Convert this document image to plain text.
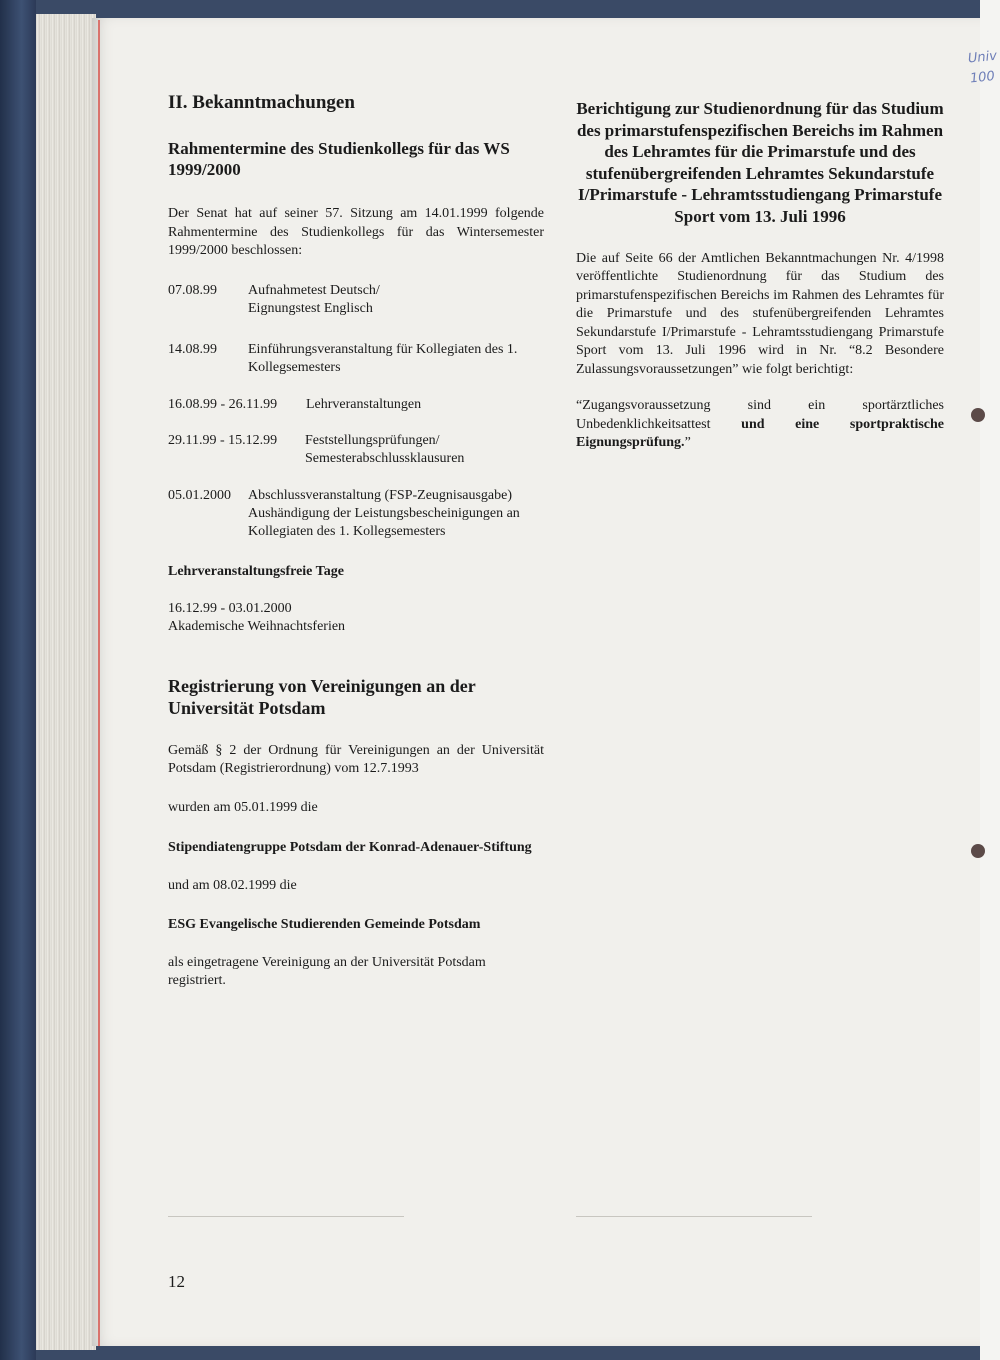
Univ
100
II. Bekanntmachungen
Rahmentermine des Studienkollegs für das WS 1999/2000

Der Senat hat auf seiner 57. Sitzung am 14.01.1999 folgende Rahmentermine des Studienkollegs für das Wintersemester 1999/2000 beschlossen:

07.08.99 Aufnahmetest Deutsch/ Eignungstest Englisch
14.08.99 Einführungsveranstaltung für Kollegiaten des 1. Kollegsemesters
16.08.99 - 26.11.99 Lehrveranstaltungen
29.11.99 - 15.12.99 Feststellungsprüfungen/ Semesterabschlussklausuren
05.01.2000 Abschlussveranstaltung (FSP-Zeugnisausgabe) Aushändigung der Leistungsbescheinigungen an Kollegiaten des 1. Kollegsemesters
Lehrveranstaltungsfreie Tage

16.12.99 - 03.01.2000

Akademische Weihnachtsferien

Registrierung von Vereinigungen an der Universität Potsdam

Gemäß § 2 der Ordnung für Vereinigungen an der Universität Potsdam (Registrierordnung) vom 12.7.1993

wurden am 05.01.1999 die

Stipendiatengruppe Potsdam der Konrad-Adenauer-Stiftung

und am 08.02.1999 die

ESG Evangelische Studierenden Gemeinde Potsdam

als eingetragene Vereinigung an der Universität Potsdam registriert.

Berichtigung zur Studienordnung für das Studium des primarstufenspezifischen Bereichs im Rahmen des Lehramtes für die Primarstufe und des stufenübergreifenden Lehramtes Sekundarstufe I/Primarstufe - Lehramtsstudiengang Primarstufe Sport vom 13. Juli 1996

Die auf Seite 66 der Amtlichen Bekanntmachungen Nr. 4/1998 veröffentlichte Studienordnung für das Studium des primarstufenspezifischen Bereichs im Rahmen des Lehramtes für die Primarstufe und des stufenübergreifenden Lehramtes Sekundarstufe I/Primarstufe - Lehramtsstudiengang Primarstufe Sport vom 13. Juli 1996 wird in Nr. “8.2 Besondere Zulassungsvoraussetzungen” wie folgt berichtigt:

“Zugangsvoraussetzung sind ein sportärztliches Unbedenklichkeitsattest und eine sportpraktische Eignungsprüfung.”

12
